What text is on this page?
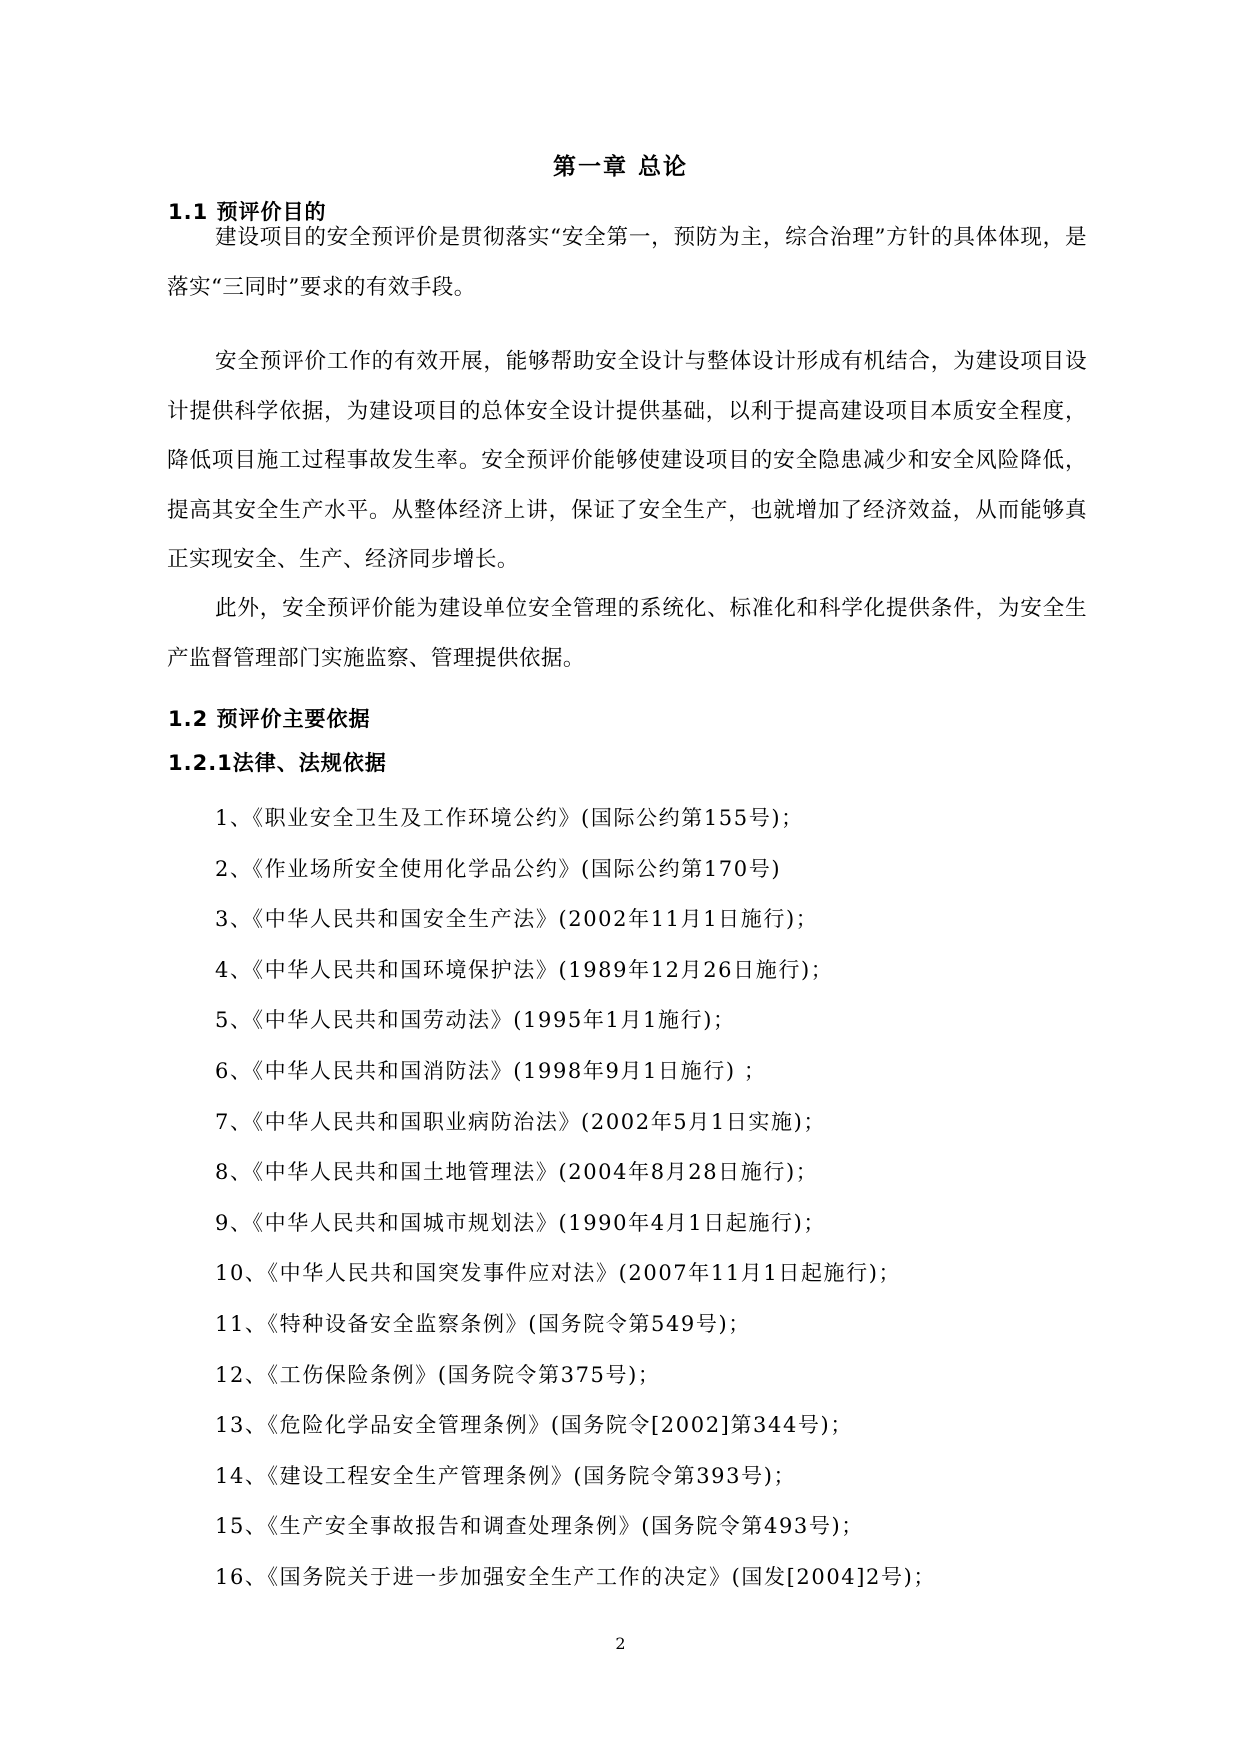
第一章 总论
1.1 预评价目的

建设项目的安全预评价是贯彻落实“安全第一，预防为主，综合治理”方针的具体体现，是落实“三同时”要求的有效手段。

安全预评价工作的有效开展，能够帮助安全设计与整体设计形成有机结合，为建设项目设计提供科学依据，为建设项目的总体安全设计提供基础，以利于提高建设项目本质安全程度，降低项目施工过程事故发生率。安全预评价能够使建设项目的安全隐患减少和安全风险降低，提高其安全生产水平。从整体经济上讲，保证了安全生产，也就增加了经济效益，从而能够真正实现安全、生产、经济同步增长。

此外，安全预评价能为建设单位安全管理的系统化、标准化和科学化提供条件，为安全生产监督管理部门实施监察、管理提供依据。

1.2 预评价主要依据
1.2.1法律、法规依据
1、《职业安全卫生及工作环境公约》(国际公约第155号)；
2、《作业场所安全使用化学品公约》(国际公约第170号)
3、《中华人民共和国安全生产法》(2002年11月1日施行)；
4、《中华人民共和国环境保护法》(1989年12月26日施行)；
5、《中华人民共和国劳动法》(1995年1月1施行)；
6、《中华人民共和国消防法》(1998年9月1日施行) ；
7、《中华人民共和国职业病防治法》(2002年5月1日实施)；
8、《中华人民共和国土地管理法》(2004年8月28日施行)；
9、《中华人民共和国城市规划法》(1990年4月1日起施行)；
10、《中华人民共和国突发事件应对法》(2007年11月1日起施行)；
11、《特种设备安全监察条例》(国务院令第549号)；
12、《工伤保险条例》(国务院令第375号)；
13、《危险化学品安全管理条例》(国务院令[2002]第344号)；
14、《建设工程安全生产管理条例》(国务院令第393号)；
15、《生产安全事故报告和调查处理条例》(国务院令第493号)；
16、《国务院关于进一步加强安全生产工作的决定》(国发[2004]2号)；
2
